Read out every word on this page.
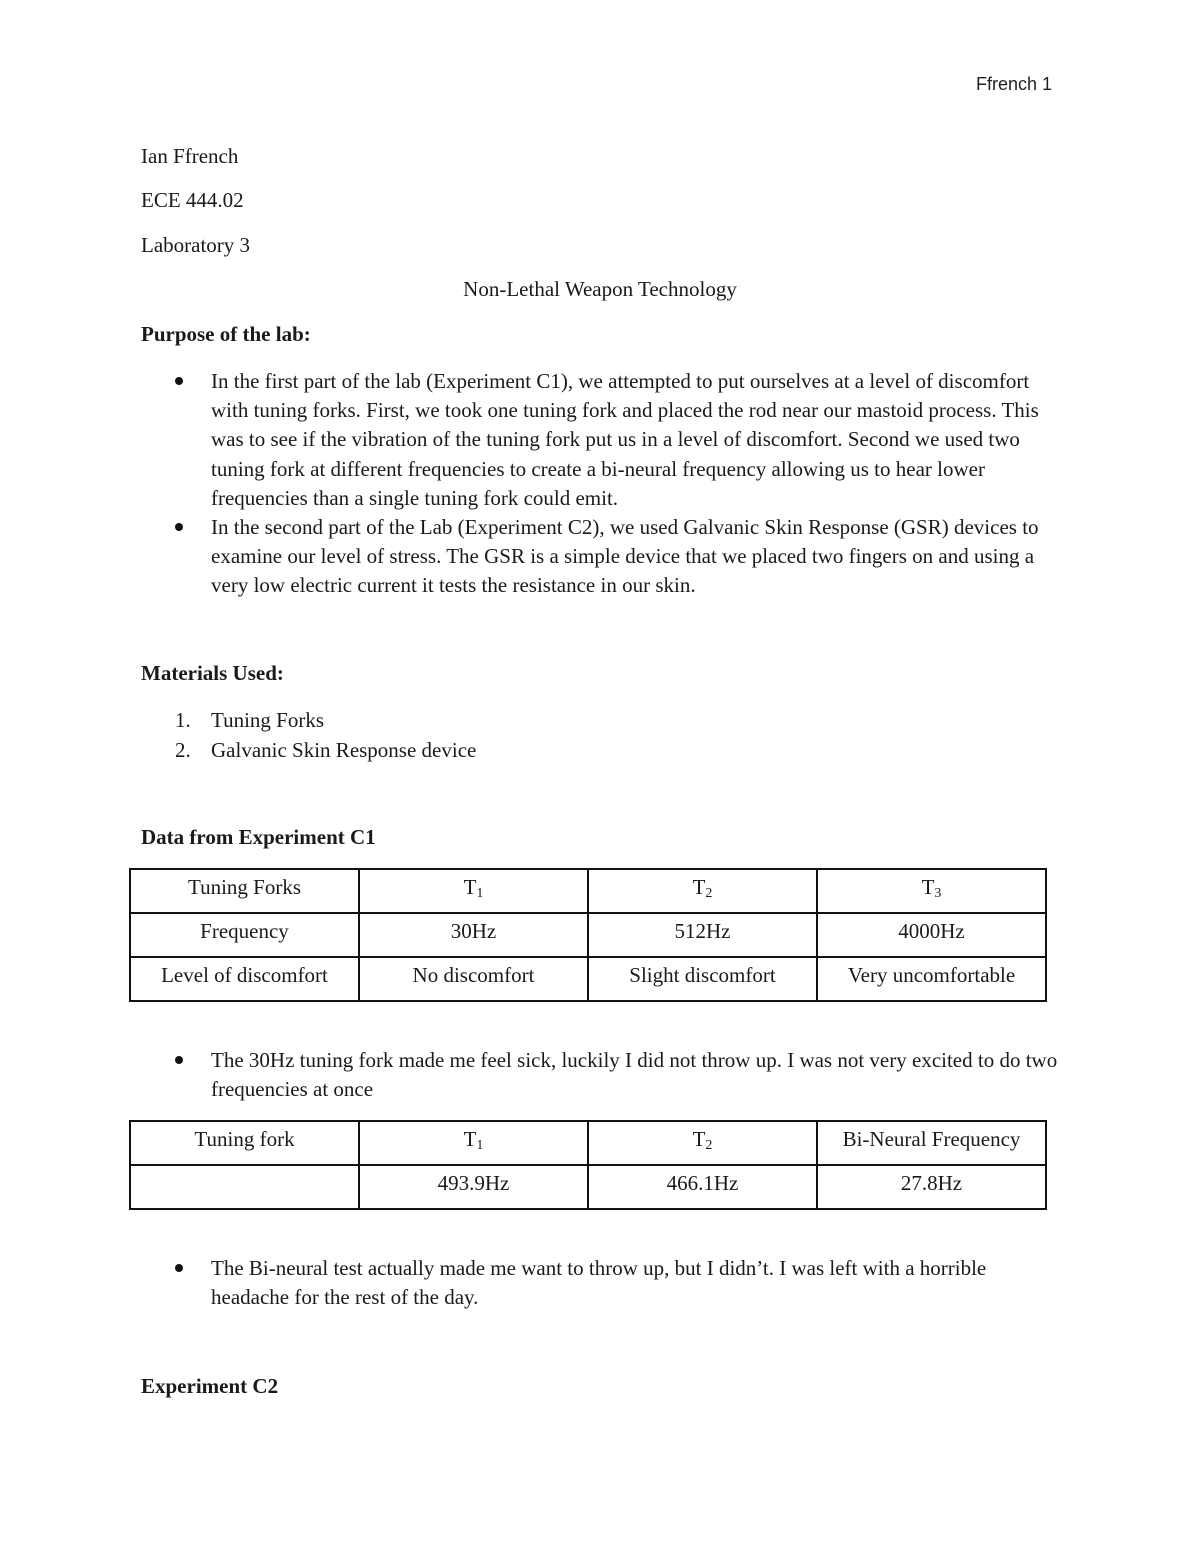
Ffrench 1
Ian Ffrench
ECE 444.02
Laboratory 3
Non-Lethal Weapon Technology
Purpose of the lab:
In the first part of the lab (Experiment C1), we attempted to put ourselves at a level of discomfort with tuning forks. First, we took one tuning fork and placed the rod near our mastoid process. This was to see if the vibration of the tuning fork put us in a level of discomfort. Second we used two tuning fork at different frequencies to create a bi-neural frequency allowing us to hear lower frequencies than a single tuning fork could emit.
In the second part of the Lab (Experiment C2), we used Galvanic Skin Response (GSR) devices to examine our level of stress. The GSR is a simple device that we placed two fingers on and using a very low electric current it tests the resistance in our skin.
Materials Used:
1. Tuning Forks
2. Galvanic Skin Response device
Data from Experiment C1
Tuning Forks	$T_1$	$T_2$	$T_3$
Frequency	30Hz	512Hz	4000Hz
Level of discomfort	No discomfort	Slight discomfort	Very uncomfortable
The 30Hz tuning fork made me feel sick, luckily I did not throw up. I was not very excited to do two frequencies at once
Tuning fork	$T_1$	$T_2$	Bi-Neural Frequency
	493.9Hz	466.1Hz	27.8Hz
The Bi-neural test actually made me want to throw up, but I didn’t. I was left with a horrible headache for the rest of the day.
Experiment C2
